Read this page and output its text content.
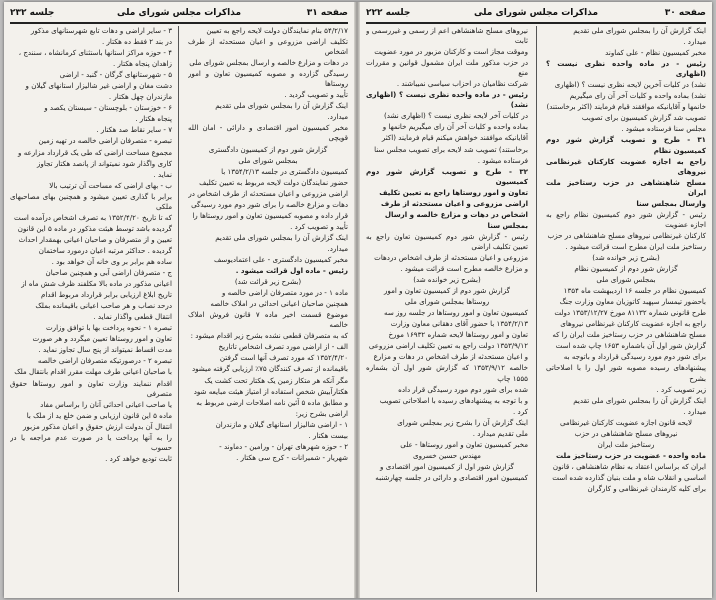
صفحه ۳۱
مذاکرات مجلس شورای ملی
جلسه ۲۳۲

۵۴/۲/۱۷ بنام نمایندگان دولت لایحه راجع به تعیین

تکلیف اراضی مزروعی و اعیان مستحدثه از طرف اشخاص

در دهات و مزارع خالصه و ارسال بمجلس شورای ملی

رسیدگی گزارده و مصوبه کمیسیون تعاون و امور روستاها

تأیید و تصویب گردید .

اینک گزارش آن را بمجلس شورای ملی تقدیم

میدارد.

مخبر کمیسیون امور اقتصادی و دارائی - امان الله قویچی

گزارش شور دوم از کمیسیون دادگستری

بمجلس شورای ملی

کمیسیون دادگستری در جلسه ۱۳۵۴/۲/۱۳ با

حضور نمایندگان دولت لایحه مربوط به تعیین تکلیف

اراضی مزروعی و اعیان مستحدثه از طرف اشخاص در

دهات و مزارع خالصه را برای شور دوم مورد رسیدگی

قرار داده و مصوبه کمیسیون تعاون و امور روستاها را

تأیید و تصویب کرد .

اینک گزارش آن را بمجلس شورای ملی تقدیم

میدارد.

مخبر کمیسیون دادگستری - علی اعتمادیوسف

رئیس - ماده اول قرائت میشود .

(بشرح زیر قرائت شد)

ماده ۱ - در مورد متصرفان اراضی خالصه و

همچنین صاحبان اعیانی احداثی در املاک خالصه

موضوع قسمت اخیر ماده ۷ قانون فروش املاک خالصه

که به متصرفان قطعی نشده بشرح زیر اقدام میشود :

الف - از اراضی مورد تصرف اشخاص تاتاریخ

۱۳۵۲/۴/۲۰ که مورد تصرف آنها است گرفتن

باقیمانده از تصرف کنندگان ۷۵٪ ارزیابی گرفته میشود

مگر آنکه هر متکار زمین یک هکتار تحت کشت یک

هکتارآبیش شخص استفاده از امتیاز هیئت مبایعه شود

و مطابق ماده ۵ آئین نامه اصلاحات ارضی مربوط به

اراضی بشرح زیر:

۱ - اراضی شالیزار استانهای گیلان و مازندران

بیست هکتار .

۲ - حوزه شهرهای تهران - ورامین - دماوند -

شهریار - شمیرانات - کرج سی هکتار .

۳ - سایر اراضی و دهات تابع شهرستانهای مذکور

در بند ۲ فقط ده هکتار .

۴ - حوزه مراکز استانها باستثنای کرمانشاه ، سنندج ،

زاهدان پنجاه هکتار .

۵ - شهرستانهای گرگان - گنبد - اراضی

دشت مغان و اراضی غیر شالیزار استانهای گیلان و

مازندران چهل هکتار .

۶ - خوزستان - بلوچستان - سیستان یکصد و

پنجاه هکتار .

۷ - سایر نقاط صد هکتار .

تبصره - متصرفان اراضی خالصه در تهیه زمین

مجموع مساحت اراضی که طی یک قرارداد مزارعه و

کاری واگذار شود نمیتواند از پانصد هکتار تجاوز

نماید .

ب - بهای اراضی که مساحت آن ترتیب بالا

برابر با گذاری تعیین میشود و همچنین بهای مصاحبهای ملکی

که تا تاریخ ۱۳۵۲/۴/۲۰ به تصرف اشخاص درآمده است

گردیده باشد توسط هیئت مذکور در ماده ۵ این قانون

تعیین و از متصرفان و صاحبان اعیانی بهمقدار احداث

گردیده . حداکثر مرتبه اعیان درمورد ساختمان

ساده هم برابر بر وی خانه آن خواهد بود .

ج - متصرفان اراضی آبی و همچنین صاحبان

اعیانی مذکور در ماده بالا مکلفند ظرف شش ماه از

تاریخ ابلاغ ارزیابی برابر قرارداد مربوط اقدام

درحد نصاب و هر صاحب اعیانی باقیمانده بملک

انتقال قطعی واگذار نماید .

تبصره ۱ - نحوه پرداخت بها با توافق وزارت

تعاون و امور روستاها تعیین میگردد و هر صورت

مدت اقساط نمیتواند از پنج سال تجاوز نماید .

تبصره ۲ - درصورتیکه متصرفان اراضی خالصه

با صاحبان اعیانی طرف مهلت مقرر اقدام بانتقال ملک

اقدام ننمایند وزارت تعاون و امور روستاها حقوق متصرفی

یا صاحب اعیانی احداثی آنان را براساس مفاد

ماده ۵ این قانون ارزیابی و ضمن خلع ید از ملک با

انتقال آن بدولت ارزش حقوق و اعیان مذکور مزبور

را به آنها پرداخت یا در صورت عدم مراجعه یا در حسوب

ثابت تودیع خواهد کرد .

صفحه ۳۰
مذاکرات مجلس شورای ملی
جلسه ۲۲۲

اینک گزارش آن را بمجلس شورای ملی تقدیم

میدارد .

مخبر کمیسیون نظام - علی کماوند

رئیس - در ماده واحده نظری نیست ؟ (اظهاری

نشد) در کلیات آخرین لایحه نظری نیست ؟ (اظهاری

نشد) بماده واحده و کلیات آخر آن رای میگیریم

خانمها و آقایانیکه موافقند قیام فرمایند (اکثر برخاستند)

تصویب شد گزارش کمیسیون برای تصویب

مجلس سنا فرستاده میشود .

۳۱ - طرح و تصویب گزارش شور دوم کمیسیون نظام

راجع به اجازه عضویت کارکنان غیرنظامی نیروهای

مسلح شاهنشاهی در حزب رستاخیز ملت ایران

وارسال بمجلس سنا

رئیس - گزارش شور دوم کمیسیون نظام راجع به اجازه عضویت

کارکنان غیرنظامی نیروهای مسلح شاهنشاهی در حزب

رستاخیز ملت ایران مطرح است قرائت میشود .

(بشرح زیر خوانده شد)

گزارش شور دوم از کمیسیون نظام

بمجلس شورای ملی

کمیسیون نظام در جلسه ۱۶ اردیبهشت ماه ۱۳۵۴

باحضور تیمسار سپهبد کاتوزیان معاون وزارت جنگ

طرح قانونی شماره ۸۱۱۳۲ مورخ ۱۳۵۳/۱۲/۲۷ دولت

راجع به اجازه عضویت کارکنان غیرنظامی نیروهای

مسلح شاهنشاهی در حزب رستاخیز ملت ایران را که

گزارش شور اول آن باشماره ۱۶۵۳ چاپ شده است

برای شور دوم مورد رسیدگی قرارداد و باتوجه به

پیشنهادهای رسیده مصوبه شور اول را با اصلاحاتی بشرح

زیر تصویب کرد .

اینک گزارش آن را بمجلس شورای ملی تقدیم

میدارد .

لایحه قانون اجازه عضویت کارکنان غیرنظامی

نیروهای مسلح شاهنشاهی در حزب

رستاخیز ملت ایران

ماده واحده - عضویت در حزب رستاخیز ملت

ایران که براساس اعتقاد به نظام شاهنشاهی ، قانون

اساسی و انقلاب شاه و ملت بنیان گذارده شده است

برای کلیه کارمندان غیرنظامی و کارگران

نیروهای مسلح شاهنشاهی اعم از رسمی و غیررسمی و ثابت

وموقت مجاز است و کارکنان مزبور در مورد عضویت

در حزب مذکور ملت ایران مشمول قوانین و مقررات منع

شرکت نظامیان در احزاب سیاسی نمیباشند .

رئیس - در ماده واحده نظری نیست ؟ (اظهاری نشد)

در کلیات آخر لایحه نظری نیست ؟ (اظهاری نشد)

بماده واحده و کلیات آخر آن رای میگیریم خانمها و

آقایانیکه موافقند خواهش میکنم قیام فرمایند (اکثر

برخاستند) تصویب شد لایحه برای تصویب مجلس سنا

فرستاده میشود .

۳۲ - طرح و تصویب گزارش شور دوم کمیسیون

تعاون و امور روستاها راجع به تعیین تکلیف

اراضی مزروعی و اعیان مستحدثه از طرف

اشخاص در دهات و مزارع خالصه و ارسال

بمجلس سنا

رئیس - گزارش شور دوم کمیسیون تعاون راجع به تعیین تکلیف اراضی

مزروعی و اعیان مستحدثه از طرف اشخاص دردهات

و مزارع خالصه مطرح است قرائت میشود .

(بشرح زیر خوانده شد)

گزارش شور دوم از کمیسیون تعاون و امور

روستاها بمجلس شورای ملی

کمیسیون تعاون و امور روستاها در جلسه روز سه

۱۳۵۴/۲/۱۳ با حضور آقای دهقانی معاون وزارت

تعاون و امور روستاها لایحه شماره ۱۶۹۳۲ مورخ

۱۳۵۳/۹/۱۲ دولت راجع به تعیین تکلیف اراضی مزروعی

و اعیان مستحدثه از طرف اشخاص در دهات و مزارع

خالصه ۱۳۵۳/۹/۱۲ که گزارش شور اول آن بشماره ۱۵۵۵ چاپ

شده برای شور دوم مورد رسیدگی قرار داده

و با توجه به پیشنهادهای رسیده با اصلاحاتی تصویب

کرد .

اینک گزارش آن را بشرح زیر بمجلس شورای

ملی تقدیم میدارد .

مخبر کمیسیون تعاون و امور روستاها - علی

مهندس حسین خسروی

گزارش شور اول از کمیسیون امور اقتصادی و

کمیسیون امور اقتصادی و دارائی در جلسه چهارشنبه
